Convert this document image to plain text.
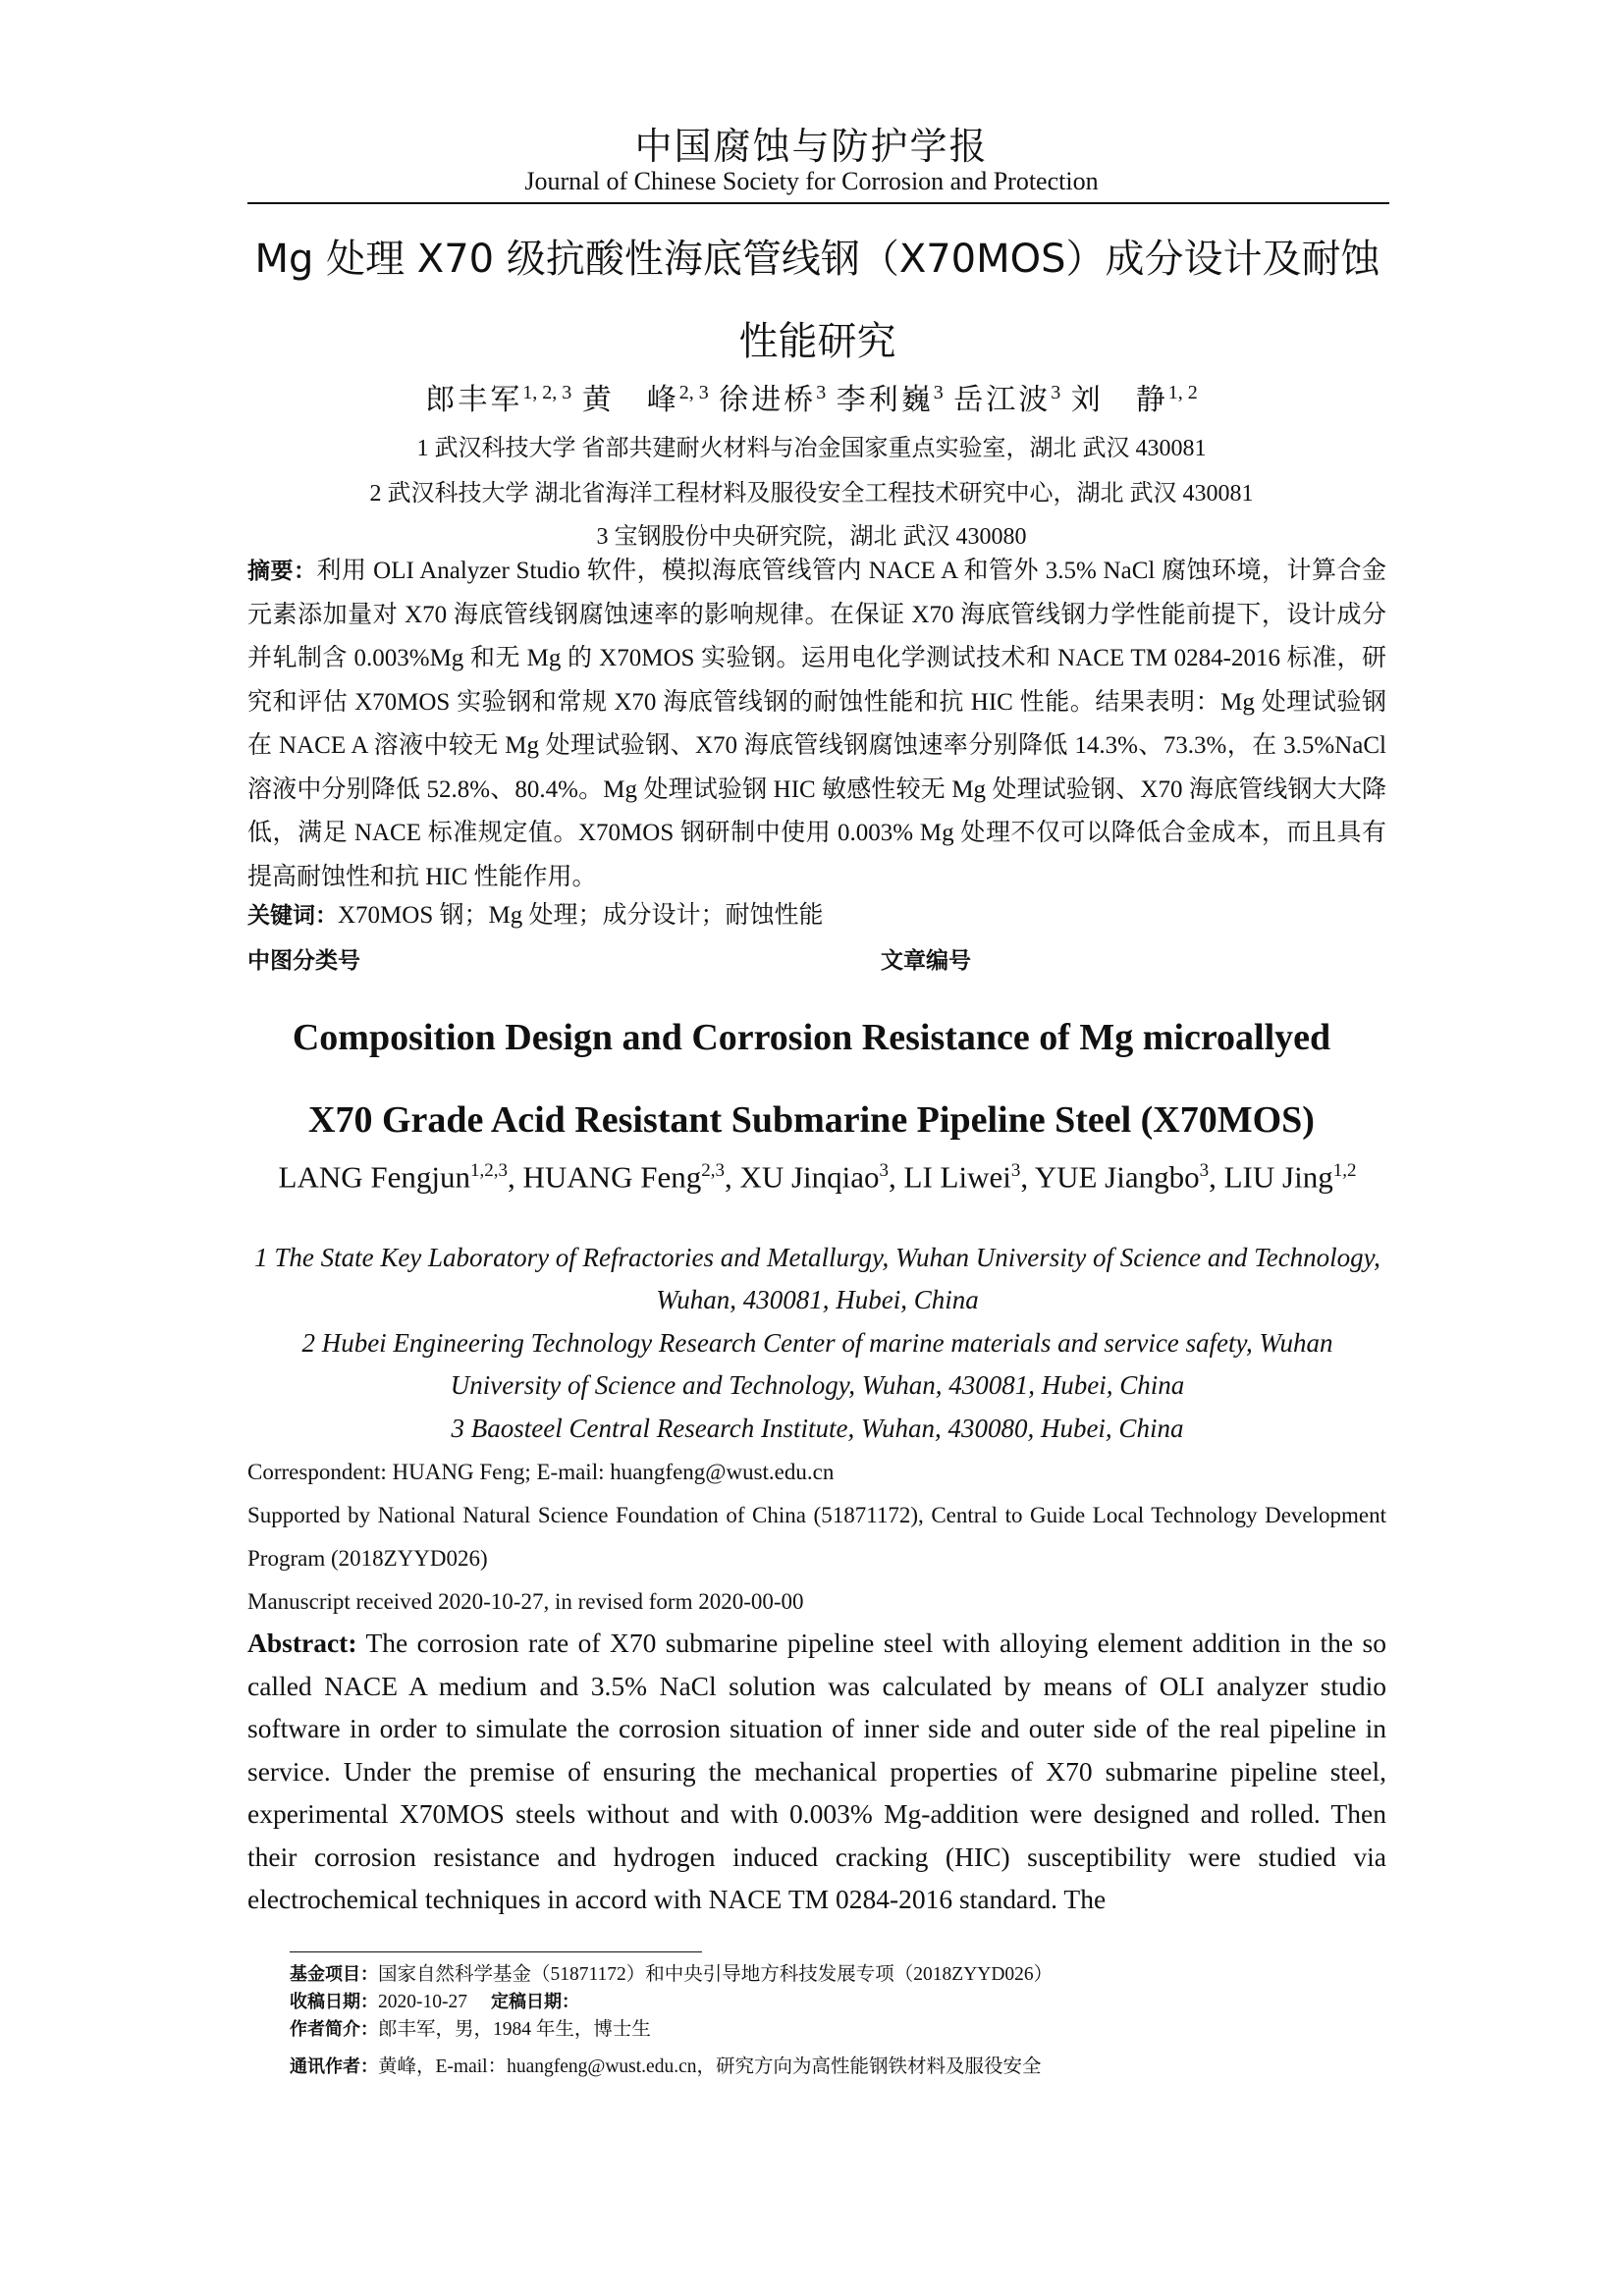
中国腐蚀与防护学报
Journal of Chinese Society for Corrosion and Protection
Mg 处理 X70 级抗酸性海底管线钢（X70MOS）成分设计及耐蚀性能研究
郎丰军$^{1, 2, 3}$ 黄　峰$^{2, 3}$ 徐进桥$^3$ 李利巍$^3$ 岳江波$^3$ 刘　静$^{1, 2}$
1 武汉科技大学 省部共建耐火材料与冶金国家重点实验室，湖北 武汉 430081
2 武汉科技大学 湖北省海洋工程材料及服役安全工程技术研究中心，湖北 武汉 430081
3 宝钢股份中央研究院，湖北 武汉 430080
摘要：利用 OLI Analyzer Studio 软件，模拟海底管线管内 NACE A 和管外 3.5% NaCl 腐蚀环境，计算合金元素添加量对 X70 海底管线钢腐蚀速率的影响规律。在保证 X70 海底管线钢力学性能前提下，设计成分并轧制含 0.003%Mg 和无 Mg 的 X70MOS 实验钢。运用电化学测试技术和 NACE TM 0284-2016 标准，研究和评估 X70MOS 实验钢和常规 X70 海底管线钢的耐蚀性能和抗 HIC 性能。结果表明：Mg 处理试验钢在 NACE A 溶液中较无 Mg 处理试验钢、X70 海底管线钢腐蚀速率分别降低 14.3%、73.3%，在 3.5%NaCl 溶液中分别降低 52.8%、80.4%。Mg 处理试验钢 HIC 敏感性较无 Mg 处理试验钢、X70 海底管线钢大大降低，满足 NACE 标准规定值。X70MOS 钢研制中使用 0.003% Mg 处理不仅可以降低合金成本，而且具有提高耐蚀性和抗 HIC 性能作用。
关键词：X70MOS 钢；Mg 处理；成分设计；耐蚀性能
中图分类号	文章编号
Composition Design and Corrosion Resistance of Mg microallyed X70 Grade Acid Resistant Submarine Pipeline Steel (X70MOS)
LANG Fengjun$^{1,2,3}$, HUANG Feng$^{2,3}$, XU Jinqiao$^3$, LI Liwei$^3$, YUE Jiangbo$^3$, LIU Jing$^{1,2}$
1 The State Key Laboratory of Refractories and Metallurgy, Wuhan University of Science and Technology, Wuhan, 430081, Hubei, China
2 Hubei Engineering Technology Research Center of marine materials and service safety, Wuhan University of Science and Technology, Wuhan, 430081, Hubei, China
3 Baosteel Central Research Institute, Wuhan, 430080, Hubei, China
Correspondent: HUANG Feng; E-mail: huangfeng@wust.edu.cn
Supported by National Natural Science Foundation of China (51871172), Central to Guide Local Technology Development Program (2018ZYYD026)
Manuscript received 2020-10-27, in revised form 2020-00-00
Abstract: The corrosion rate of X70 submarine pipeline steel with alloying element addition in the so called NACE A medium and 3.5% NaCl solution was calculated by means of OLI analyzer studio software in order to simulate the corrosion situation of inner side and outer side of the real pipeline in service. Under the premise of ensuring the mechanical properties of X70 submarine pipeline steel, experimental X70MOS steels without and with 0.003% Mg-addition were designed and rolled. Then their corrosion resistance and hydrogen induced cracking (HIC) susceptibility were studied via electrochemical techniques in accord with NACE TM 0284-2016 standard. The
基金项目：国家自然科学基金（51871172）和中央引导地方科技发展专项（2018ZYYD026）
收稿日期：2020-10-27 定稿日期：
作者简介：郎丰军，男，1984 年生，博士生
通讯作者：黄峰，E-mail：huangfeng@wust.edu.cn，研究方向为高性能钢铁材料及服役安全
